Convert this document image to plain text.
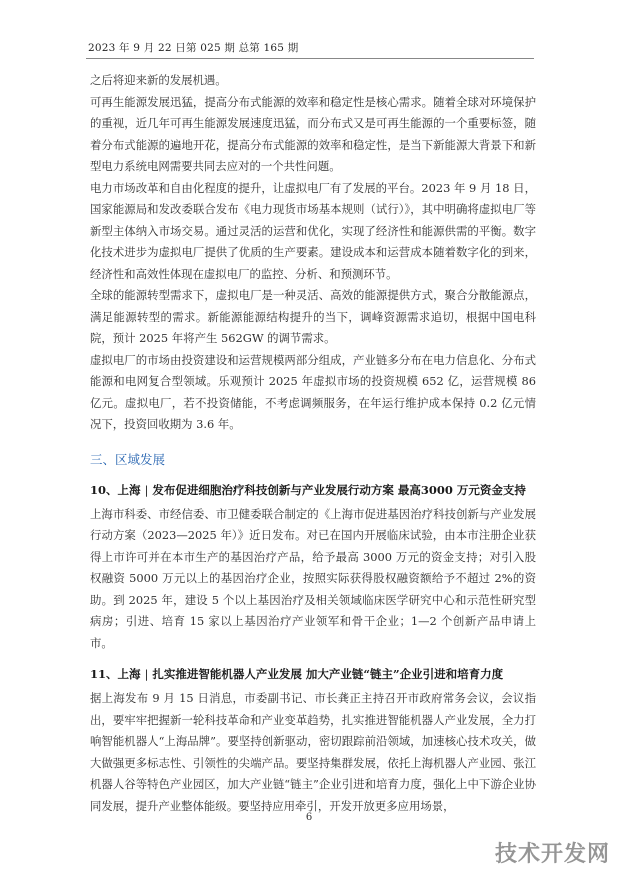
2023 年 9 月 22 日第 025 期 总第 165 期

之后将迎来新的发展机遇。

可再生能源发展迅猛，提高分布式能源的效率和稳定性是核心需求。随着全球对环境保护的重视，近几年可再生能源发展速度迅猛，而分布式又是可再生能源的一个重要标签，随着分布式能源的遍地开花，提高分布式能源的效率和稳定性，是当下新能源大背景下和新型电力系统电网需要共同去应对的一个共性问题。

电力市场改革和自由化程度的提升，让虚拟电厂有了发展的平台。2023 年 9 月 18 日，国家能源局和发改委联合发布《电力现货市场基本规则（试行）》，其中明确将虚拟电厂等新型主体纳入市场交易。通过灵活的运营和优化，实现了经济性和能源供需的平衡。数字化技术进步为虚拟电厂提供了优质的生产要素。建设成本和运营成本随着数字化的到来，经济性和高效性体现在虚拟电厂的监控、分析、和预测环节。

全球的能源转型需求下，虚拟电厂是一种灵活、高效的能源提供方式，聚合分散能源点，满足能源转型的需求。新能源能源结构提升的当下，调峰资源需求追切，根据中国电科院，预计 2025 年将产生 562GW 的调节需求。

虚拟电厂的市场由投资建设和运营规模两部分组成，产业链多分布在电力信息化、分布式能源和电网复合型领域。乐观预计 2025 年虚拟市场的投资规模 652 亿，运营规模 86 亿元。虚拟电厂，若不投资储能，不考虑调频服务，在年运行维护成本保持 0.2 亿元情况下，投资回收期为 3.6 年。

三、区域发展
10、上海 | 发布促进细胞治疗科技创新与产业发展行动方案 最高3000 万元资金支持

上海市科委、市经信委、市卫健委联合制定的《上海市促进基因治疗科技创新与产业发展行动方案（2023—2025 年）》近日发布。对已在国内开展临床试验，由本市注册企业获得上市许可并在本市生产的基因治疗产品，给予最高 3000 万元的资金支持；对引入股权融资 5000 万元以上的基因治疗企业，按照实际获得股权融资额给予不超过 2%的资助。到 2025 年，建设 5 个以上基因治疗及相关领域临床医学研究中心和示范性研究型病房；引进、培育 15 家以上基因治疗产业领军和骨干企业；1—2 个创新产品申请上市。

11、上海 | 扎实推进智能机器人产业发展 加大产业链“链主”企业引进和培育力度

据上海发布 9 月 15 日消息，市委副书记、市长龚正主持召开市政府常务会议，会议指出，要牢牢把握新一轮科技革命和产业变革趋势，扎实推进智能机器人产业发展，全力打响智能机器人“上海品牌”。要坚持创新驱动，密切跟踪前沿领域，加速核心技术攻关，做大做强更多标志性、引领性的尖端产品。要坚持集群发展，依托上海机器人产业园、张江机器人谷等特色产业园区，加大产业链“链主”企业引进和培育力度，强化上中下游企业协同发展，提升产业整体能级。要坚持应用牵引，开发开放更多应用场景，

6
技术开发网
